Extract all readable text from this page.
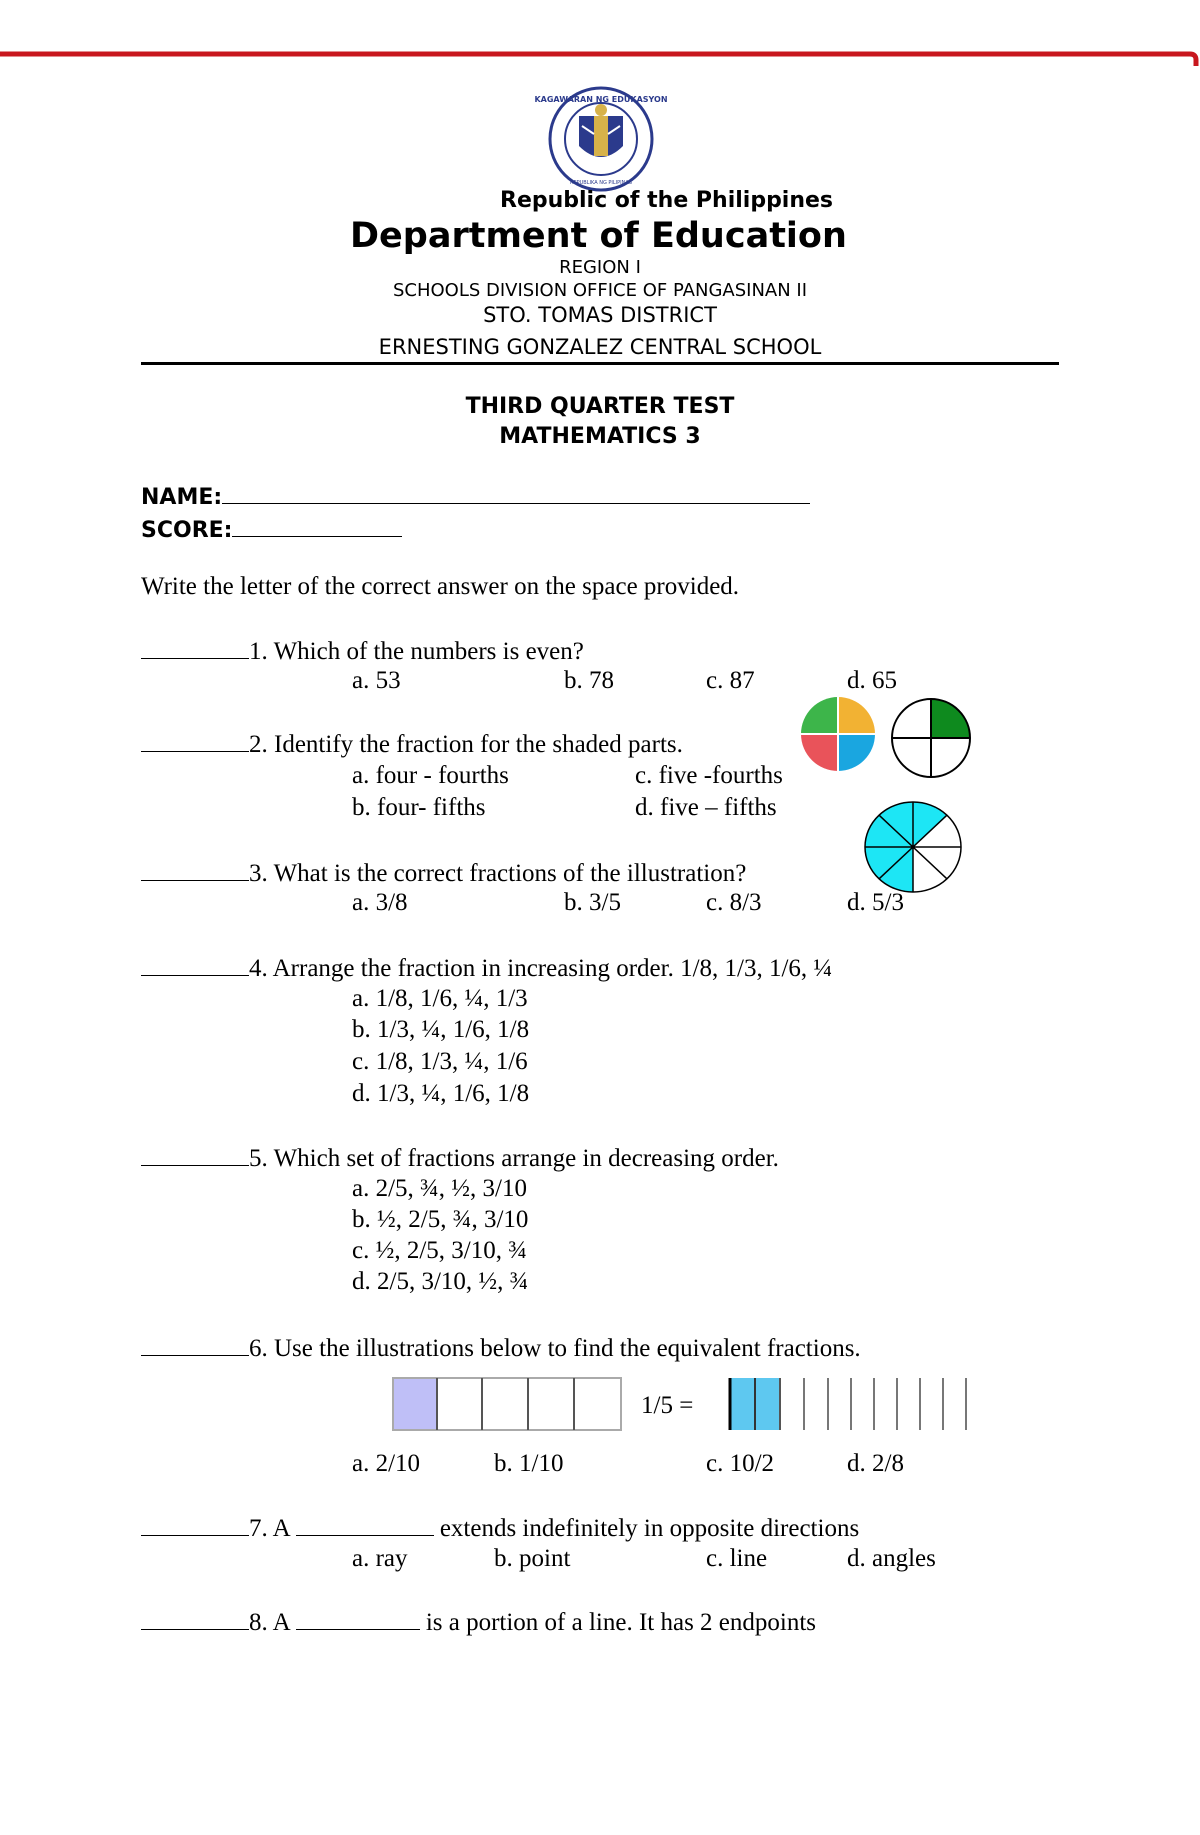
KAGAWARAN NG EDUKASYON
REPUBLIKA NG PILIPINAS
Republic of the Philippines
Department of Education
REGION I
SCHOOLS DIVISION OFFICE OF PANGASINAN II
STO. TOMAS DISTRICT
ERNESTING GONZALEZ CENTRAL SCHOOL
THIRD QUARTER TEST
MATHEMATICS 3
NAME:
SCORE:
Write the letter of the correct answer on the space provided.
1. Which of the numbers is even?
a. 53	b. 78	c. 87	d. 65
2. Identify the fraction for the shaded parts.
a. four - fourths	c. five -fourths
b. four- fifths	d. five – fifths
3. What is the correct fractions of the illustration?
a. 3/8	b. 3/5	c. 8/3	d. 5/3
4. Arrange the fraction in increasing order. 1/8, 1/3, 1/6, ¼
a. 1/8, 1/6, ¼, 1/3
b. 1/3, ¼, 1/6, 1/8
c. 1/8, 1/3, ¼, 1/6
d. 1/3, ¼, 1/6, 1/8
5. Which set of fractions arrange in decreasing order.
a. 2/5, ¾, ½, 3/10
b. ½, 2/5, ¾, 3/10
c. ½, 2/5, 3/10, ¾
d. 2/5, 3/10, ½, ¾
6. Use the illustrations below to find the equivalent fractions.
1/5 =
a. 2/10	b. 1/10	c. 10/2	d. 2/8
7. A	extends indefinitely in opposite directions
a. ray	b. point	c. line	d. angles
8. A	is a portion of a line. It has 2 endpoints
